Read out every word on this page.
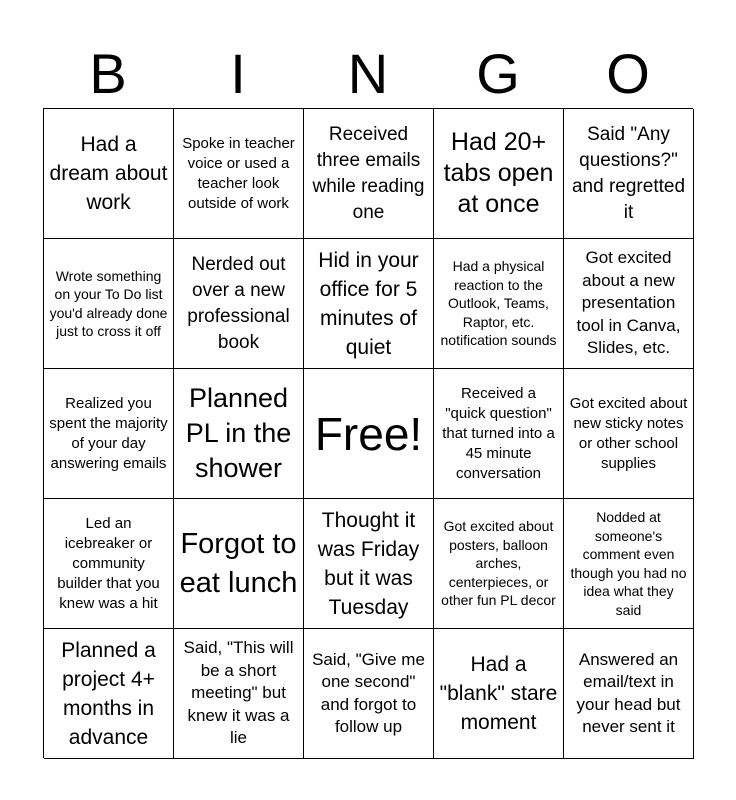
B	I	N	G	O
Had a dream about work
Spoke in teacher voice or used a teacher look outside of work
Received three emails while reading one
Had 20+ tabs open at once
Said "Any questions?" and regretted it
Wrote something on your To Do list you'd already done just to cross it off
Nerded out over a new professional book
Hid in your office for 5 minutes of quiet
Had a physical reaction to the Outlook, Teams, Raptor, etc. notification sounds
Got excited about a new presentation tool in Canva, Slides, etc.
Realized you spent the majority of your day answering emails
Planned PL in the shower
Free!
Received a "quick question" that turned into a 45 minute conversation
Got excited about new sticky notes or other school supplies
Led an icebreaker or community builder that you knew was a hit
Forgot to eat lunch
Thought it was Friday but it was Tuesday
Got excited about posters, balloon arches, centerpieces, or other fun PL decor
Nodded at someone's comment even though you had no idea what they said
Planned a project 4+ months in advance
Said, "This will be a short meeting" but knew it was a lie
Said, "Give me one second" and forgot to follow up
Had a "blank" stare moment
Answered an email/text in your head but never sent it
